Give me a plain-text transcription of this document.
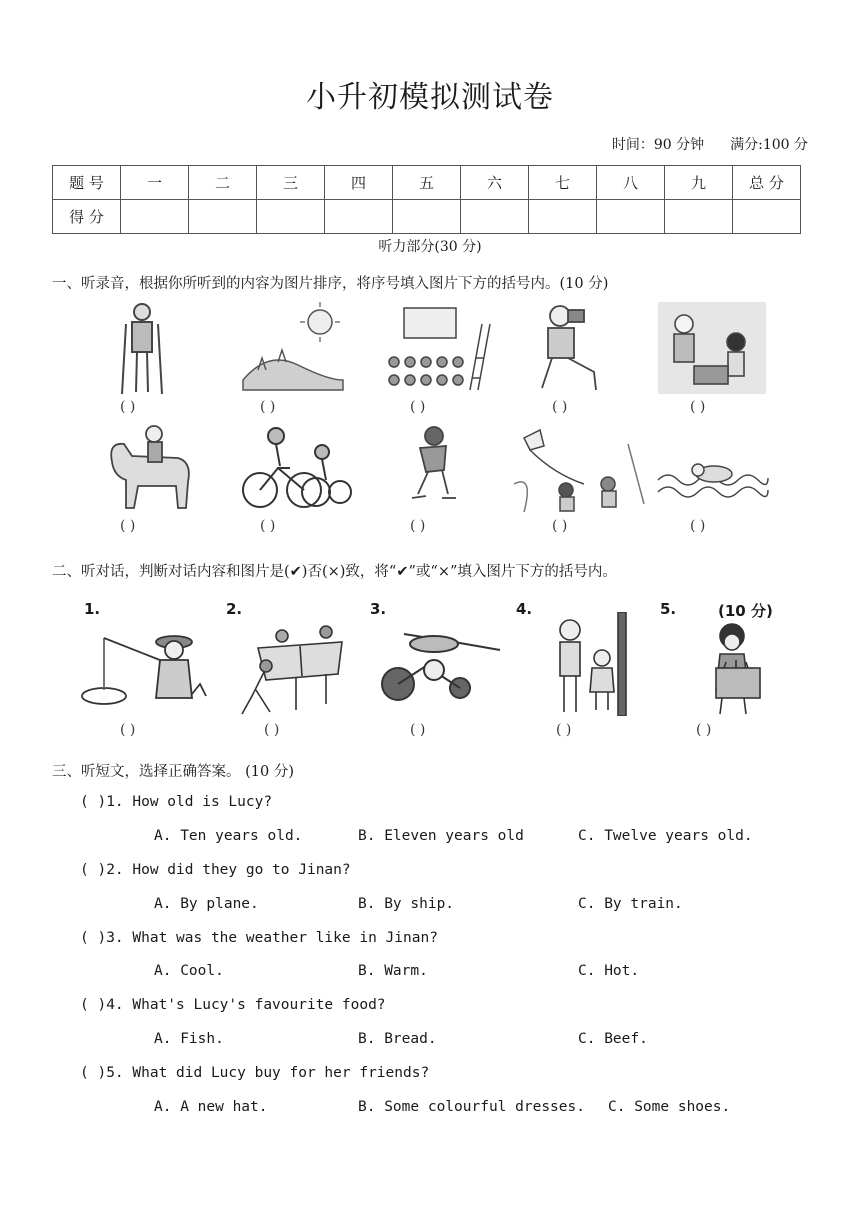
小升初模拟测试卷
时间：90 分钟 满分:100 分
题 号	一	二	三	四	五	六	七	八	九	总 分
得 分										
听力部分(30 分)
一、听录音，根据你所听到的内容为图片排序，将序号填入图片下方的括号内。(10 分)
( )	( )	( )	( )	( )
( )	( )	( )	( )	( )
二、听对话，判断对话内容和图片是(✔)否(×)致，将“✔”或“×”填入图片下方的括号内。
1.	2.	3.	4.	5.	(10 分)
( )	( )	( )	( )	( )
三、听短文，选择正确答案。 (10 分)
( )1. How old is Lucy?
A. Ten years old.	B. Eleven years old	C. Twelve years old.
( )2. How did they go to Jinan?
A. By plane.	B. By ship.	C. By train.
( )3. What was the weather like in Jinan?
A. Cool.	B. Warm.	C. Hot.
( )4. What's Lucy's favourite food?
A. Fish.	B. Bread.	C. Beef.
( )5. What did Lucy buy for her friends?
A. A new hat.	B. Some colourful dresses. C. Some shoes.
